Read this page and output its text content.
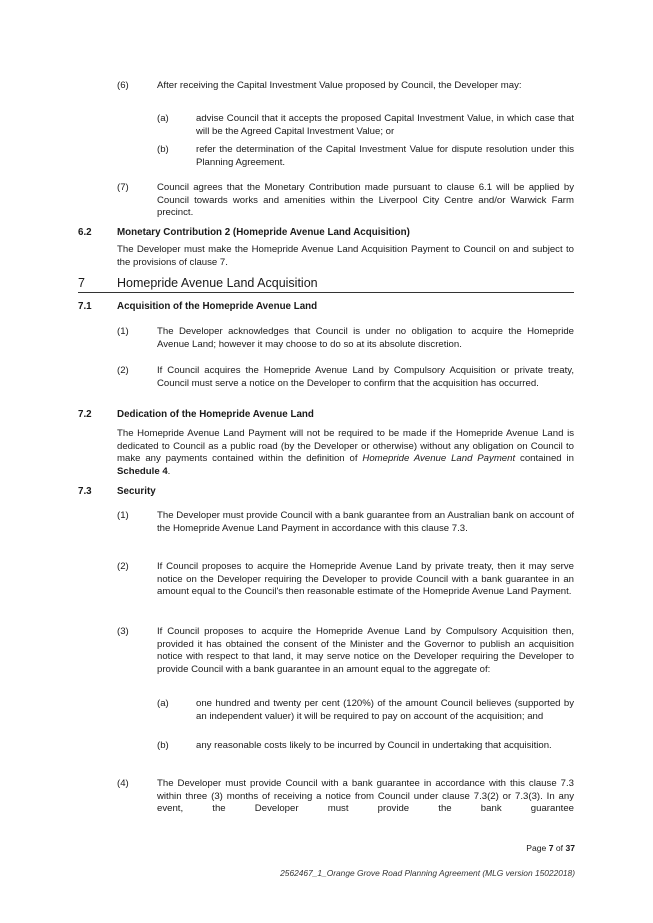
(6)	After receiving the Capital Investment Value proposed by Council, the Developer may:
(a)	advise Council that it accepts the proposed Capital Investment Value, in which case that will be the Agreed Capital Investment Value; or
(b)	refer the determination of the Capital Investment Value for dispute resolution under this Planning Agreement.
(7)	Council agrees that the Monetary Contribution made pursuant to clause 6.1 will be applied by Council towards works and amenities within the Liverpool City Centre and/or Warwick Farm precinct.
6.2	Monetary Contribution 2 (Homepride Avenue Land Acquisition)
The Developer must make the Homepride Avenue Land Acquisition Payment to Council on and subject to the provisions of clause 7.
7	Homepride Avenue Land Acquisition
7.1	Acquisition of the Homepride Avenue Land
(1)	The Developer acknowledges that Council is under no obligation to acquire the Homepride Avenue Land; however it may choose to do so at its absolute discretion.
(2)	If Council acquires the Homepride Avenue Land by Compulsory Acquisition or private treaty, Council must serve a notice on the Developer to confirm that the acquisition has occurred.
7.2	Dedication of the Homepride Avenue Land
The Homepride Avenue Land Payment will not be required to be made if the Homepride Avenue Land is dedicated to Council as a public road (by the Developer or otherwise) without any obligation on Council to make any payments contained within the definition of Homepride Avenue Land Payment contained in Schedule 4.
7.3	Security
(1)	The Developer must provide Council with a bank guarantee from an Australian bank on account of the Homepride Avenue Land Payment in accordance with this clause 7.3.
(2)	If Council proposes to acquire the Homepride Avenue Land by private treaty, then it may serve notice on the Developer requiring the Developer to provide Council with a bank guarantee in an amount equal to the Council's then reasonable estimate of the Homepride Avenue Land Payment.
(3)	If Council proposes to acquire the Homepride Avenue Land by Compulsory Acquisition then, provided it has obtained the consent of the Minister and the Governor to publish an acquisition notice with respect to that land, it may serve notice on the Developer requiring the Developer to provide Council with a bank guarantee in an amount equal to the aggregate of:
(a)	one hundred and twenty per cent (120%) of the amount Council believes (supported by an independent valuer) it will be required to pay on account of the acquisition; and
(b)	any reasonable costs likely to be incurred by Council in undertaking that acquisition.
(4)	The Developer must provide Council with a bank guarantee in accordance with this clause 7.3 within three (3) months of receiving a notice from Council under clause 7.3(2) or 7.3(3). In any event, the Developer must provide the bank guarantee
Page 7 of 37
2562467_1_Orange Grove Road Planning Agreement (MLG version 15022018)
